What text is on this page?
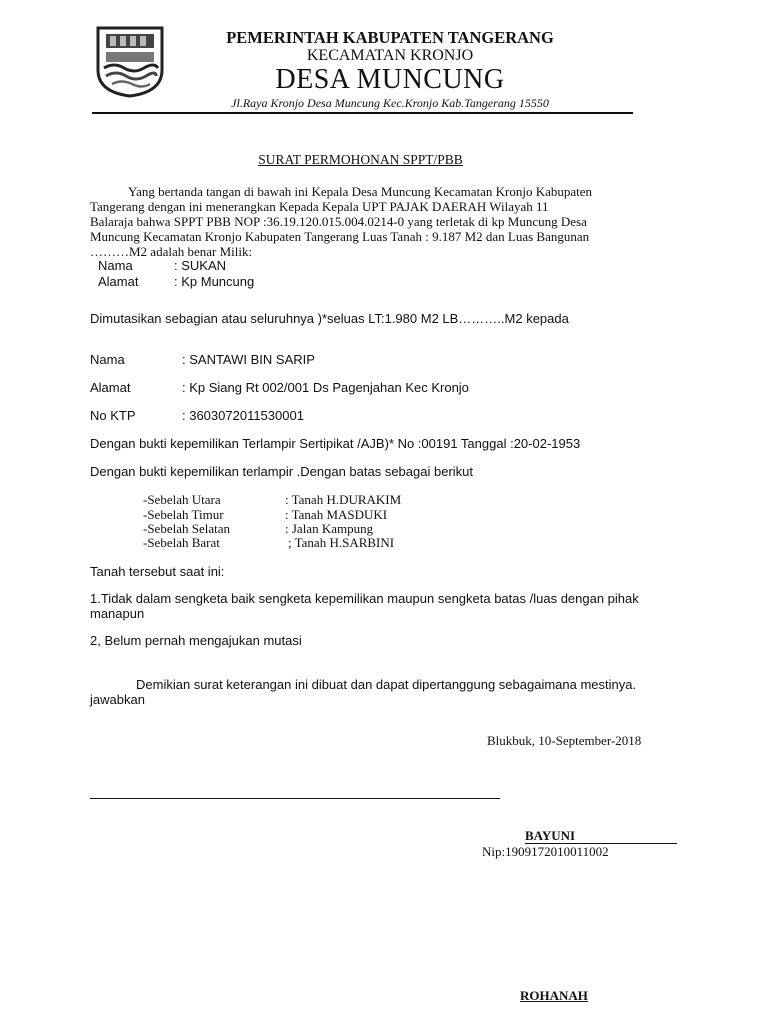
PEMERINTAH KABUPATEN TANGERANG
KECAMATAN KRONJO
DESA MUNCUNG
Jl.Raya Kronjo Desa Muncung Kec.Kronjo Kab.Tangerang 15550
SURAT PERMOHONAN SPPT/PBB
Yang bertanda tangan di bawah ini Kepala Desa Muncung Kecamatan Kronjo Kabupaten
Tangerang dengan ini menerangkan Kepada Kepala UPT PAJAK DAERAH Wilayah 11
Balaraja bahwa SPPT PBB NOP :36.19.120.015.004.0214-0 yang terletak di kp Muncung Desa
Muncung Kecamatan Kronjo Kabupaten Tangerang Luas Tanah : 9.187 M2 dan Luas Bangunan
………M2 adalah benar Milik:
Nama	: SUKAN
Alamat	: Kp Muncung
Dimutasikan sebagian atau seluruhnya )*seluas LT:1.980 M2 LB………..M2 kepada
Nama	: SANTAWI BIN SARIP
Alamat	: Kp Siang Rt 002/001 Ds Pagenjahan Kec Kronjo
No KTP	: 3603072011530001
Dengan bukti kepemilikan Terlampir Sertipikat /AJB)* No :00191 Tanggal :20-02-1953
Dengan bukti kepemilikan terlampir .Dengan batas sebagai berikut
-Sebelah Utara	: Tanah H.DURAKIM
-Sebelah Timur	: Tanah MASDUKI
-Sebelah Selatan	: Jalan Kampung
-Sebelah Barat	; Tanah H.SARBINI
Tanah tersebut saat ini:
1.Tidak dalam sengketa baik sengketa kepemilikan maupun sengketa batas /luas dengan pihak
manapun
2, Belum pernah mengajukan mutasi
Demikian surat keterangan ini dibuat dan dapat dipertanggung sebagaimana mestinya.
jawabkan
Blukbuk, 10-September-2018
BAYUNI
Nip:1909172010011002
ROHANAH
